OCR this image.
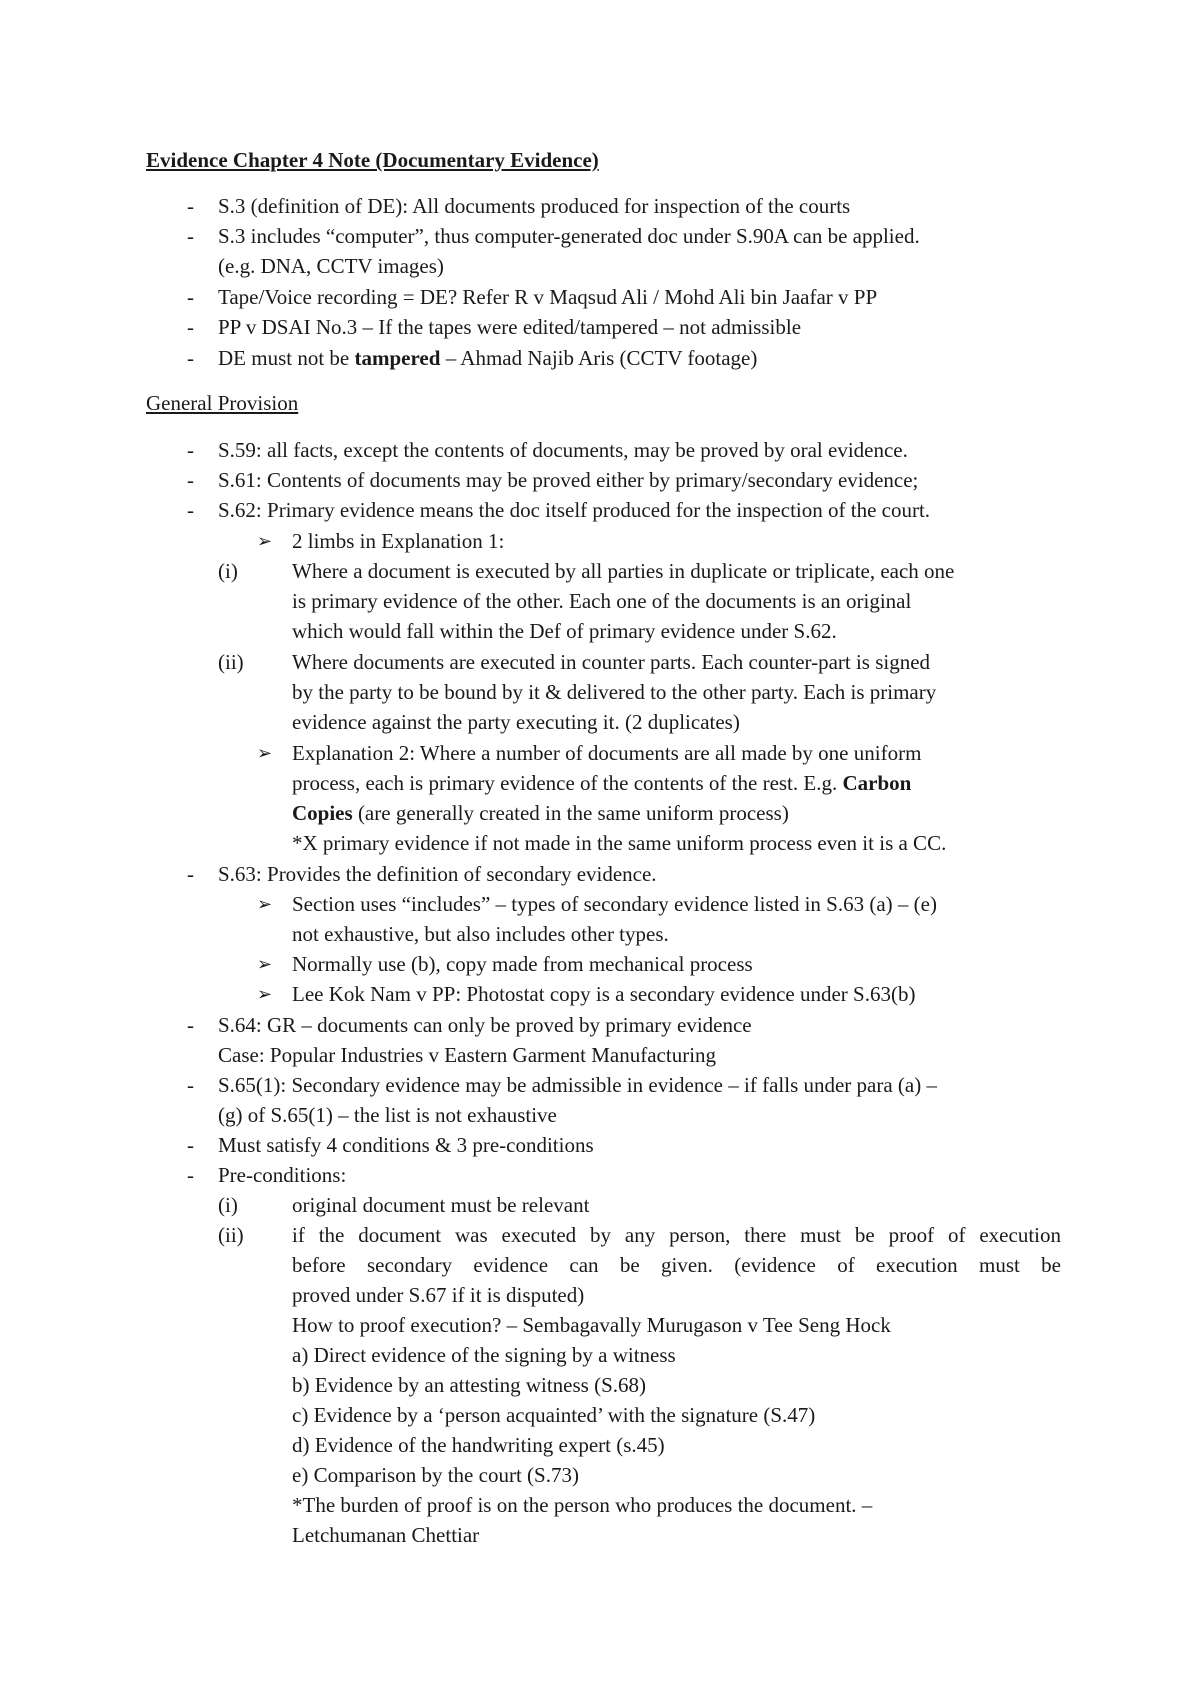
Evidence Chapter 4 Note (Documentary Evidence)
- S.3 (definition of DE): All documents produced for inspection of the courts
- S.3 includes “computer”, thus computer-generated doc under S.90A can be applied.
(e.g. DNA, CCTV images)
- Tape/Voice recording = DE? Refer R v Maqsud Ali / Mohd Ali bin Jaafar v PP
- PP v DSAI No.3 – If the tapes were edited/tampered – not admissible
- DE must not be tampered – Ahmad Najib Aris (CCTV footage)
General Provision
- S.59: all facts, except the contents of documents, may be proved by oral evidence.
- S.61: Contents of documents may be proved either by primary/secondary evidence;
- S.62: Primary evidence means the doc itself produced for the inspection of the court.
➢ 2 limbs in Explanation 1:
(i)	Where a document is executed by all parties in duplicate or triplicate, each one
is primary evidence of the other. Each one of the documents is an original
which would fall within the Def of primary evidence under S.62.
(ii) Where documents are executed in counter parts. Each counter-part is signed
by the party to be bound by it & delivered to the other party. Each is primary
evidence against the party executing it. (2 duplicates)
➢ Explanation 2: Where a number of documents are all made by one uniform
process, each is primary evidence of the contents of the rest. E.g. Carbon
Copies (are generally created in the same uniform process)
*X primary evidence if not made in the same uniform process even it is a CC.
- S.63: Provides the definition of secondary evidence.
➢ Section uses “includes” – types of secondary evidence listed in S.63 (a) – (e)
not exhaustive, but also includes other types.
➢ Normally use (b), copy made from mechanical process
➢ Lee Kok Nam v PP: Photostat copy is a secondary evidence under S.63(b)
- S.64: GR – documents can only be proved by primary evidence
Case: Popular Industries v Eastern Garment Manufacturing
- S.65(1): Secondary evidence may be admissible in evidence – if falls under para (a) –
(g) of S.65(1) – the list is not exhaustive
- Must satisfy 4 conditions & 3 pre-conditions
- Pre-conditions:
(i)	original document must be relevant
(ii) if the document was executed by any person, there must be proof of execution
before secondary evidence can be given. (evidence of execution must be
proved under S.67 if it is disputed)
How to proof execution? – Sembagavally Murugason v Tee Seng Hock
a) Direct evidence of the signing by a witness
b) Evidence by an attesting witness (S.68)
c) Evidence by a ‘person acquainted’ with the signature (S.47)
d) Evidence of the handwriting expert (s.45)
e) Comparison by the court (S.73)
*The burden of proof is on the person who produces the document. –
Letchumanan Chettiar
